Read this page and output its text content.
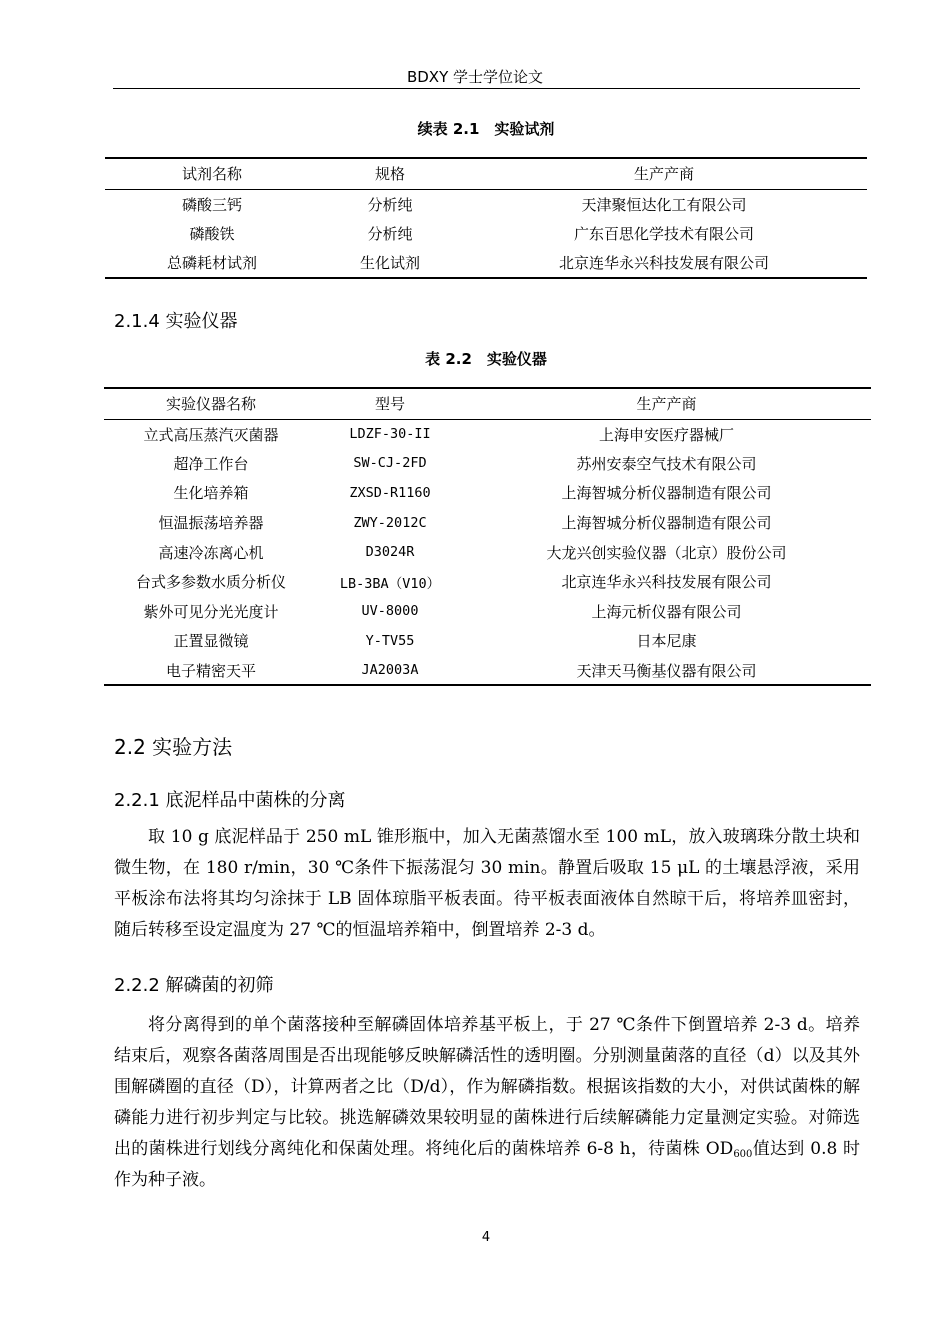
BDXY 学士学位论文
续表 2.1　实验试剂
试剂名称	规格	生产产商
磷酸三钙	分析纯	天津聚恒达化工有限公司
磷酸铁	分析纯	广东百思化学技术有限公司
总磷耗材试剂	生化试剂	北京连华永兴科技发展有限公司
2.1.4 实验仪器
表 2.2　实验仪器
实验仪器名称	型号	生产产商
立式高压蒸汽灭菌器	LDZF-30-II	上海申安医疗器械厂
超净工作台	SW-CJ-2FD	苏州安泰空气技术有限公司
生化培养箱	ZXSD-R1160	上海智城分析仪器制造有限公司
恒温振荡培养器	ZWY-2012C	上海智城分析仪器制造有限公司
高速冷冻离心机	D3024R	大龙兴创实验仪器（北京）股份公司
台式多参数水质分析仪	LB-3BA（V10）	北京连华永兴科技发展有限公司
紫外可见分光光度计	UV-8000	上海元析仪器有限公司
正置显微镜	Y-TV55	日本尼康
电子精密天平	JA2003A	天津天马衡基仪器有限公司
2.2 实验方法
2.2.1 底泥样品中菌株的分离
取 10 g 底泥样品于 250 mL 锥形瓶中，加入无菌蒸馏水至 100 mL，放入玻璃珠分散土块和微生物，在 180 r/min，30 ℃条件下振荡混匀 30 min。静置后吸取 15 μL 的土壤悬浮液，采用平板涂布法将其均匀涂抹于 LB 固体琼脂平板表面。待平板表面液体自然晾干后，将培养皿密封，随后转移至设定温度为 27 ℃的恒温培养箱中，倒置培养 2-3 d。
2.2.2 解磷菌的初筛
将分离得到的单个菌落接种至解磷固体培养基平板上，于 27 ℃条件下倒置培养 2-3 d。培养结束后，观察各菌落周围是否出现能够反映解磷活性的透明圈。分别测量菌落的直径（d）以及其外围解磷圈的直径（D），计算两者之比（D/d），作为解磷指数。根据该指数的大小，对供试菌株的解磷能力进行初步判定与比较。挑选解磷效果较明显的菌株进行后续解磷能力定量测定实验。对筛选出的菌株进行划线分离纯化和保菌处理。将纯化后的菌株培养 6-8 h，待菌株 $OD_{600}$值达到 0.8 时作为种子液。
4
